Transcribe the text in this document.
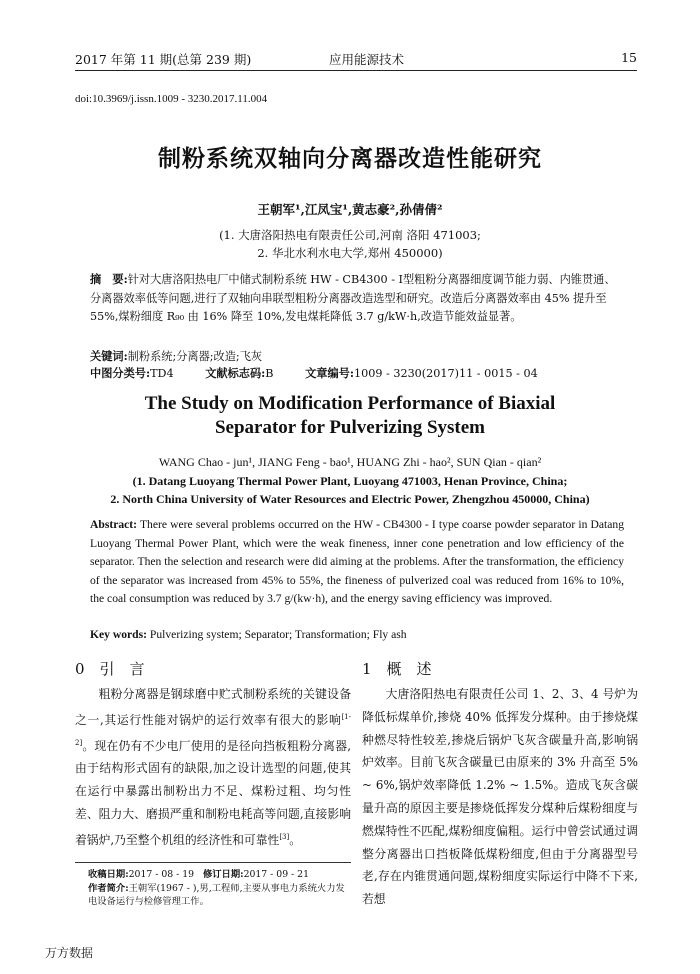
2017 年第 11 期(总第 239 期)	应用能源技术	15
doi:10.3969/j.issn.1009 - 3230.2017.11.004
制粉系统双轴向分离器改造性能研究
王朝军¹,江凤宝¹,黄志豪²,孙倩倩²
(1. 大唐洛阳热电有限责任公司,河南 洛阳 471003;
2. 华北水利水电大学,郑州 450000)
摘　要:针对大唐洛阳热电厂中储式制粉系统 HW - CB4300 - Ⅰ型粗粉分离器细度调节能力弱、内锥贯通、分离器效率低等问题,进行了双轴向串联型粗粉分离器改造选型和研究。改造后分离器效率由 45% 提升至 55%,煤粉细度 R₉₀ 由 16% 降至 10%,发电煤耗降低 3.7 g/kW·h,改造节能效益显著。
关键词:制粉系统;分离器;改造;飞灰
中图分类号:TD4	文献标志码:B	文章编号:1009 - 3230(2017)11 - 0015 - 04
The Study on Modification Performance of Biaxial
Separator for Pulverizing System
WANG Chao - jun¹, JIANG Feng - bao¹, HUANG Zhi - hao², SUN Qian - qian²
(1. Datang Luoyang Thermal Power Plant, Luoyang 471003, Henan Province, China;
2. North China University of Water Resources and Electric Power, Zhengzhou 450000, China)
Abstract: There were several problems occurred on the HW - CB4300 - I type coarse powder separator in Datang Luoyang Thermal Power Plant, which were the weak fineness, inner cone penetration and low efficiency of the separator. Then the selection and research were did aiming at the problems. After the transformation, the efficiency of the separator was increased from 45% to 55%, the fineness of pulverized coal was reduced from 16% to 10%, the coal consumption was reduced by 3.7 g/(kw·h), and the energy saving efficiency was improved.
Key words: Pulverizing system; Separator; Transformation; Fly ash
0　引　言	1　概　述

粗粉分离器是钢球磨中贮式制粉系统的关键设备之一,其运行性能对锅炉的运行效率有很大的影响[1-2]。现在仍有不少电厂使用的是径向挡板粗粉分离器,由于结构形式固有的缺限,加之设计选型的问题,使其在运行中暴露出制粉出力不足、煤粉过粗、均匀性差、阻力大、磨损严重和制粉电耗高等问题,直接影响着锅炉,乃至整个机组的经济性和可靠性[3]。

大唐洛阳热电有限责任公司 1、2、3、4 号炉为降低标煤单价,掺烧 40% 低挥发分煤种。由于掺烧煤种燃尽特性较差,掺烧后锅炉飞灰含碳量升高,影响锅炉效率。目前飞灰含碳量已由原来的 3% 升高至 5% ~ 6%,锅炉效率降低 1.2% ~ 1.5%。造成飞灰含碳量升高的原因主要是掺烧低挥发分煤种后煤粉细度与燃煤特性不匹配,煤粉细度偏粗。运行中曾尝试通过调整分离器出口挡板降低煤粉细度,但由于分离器型号老,存在内锥贯通问题,煤粉细度实际运行中降不下来,若想

收稿日期:2017 - 08 - 19 修订日期:2017 - 09 - 21
作者简介:王朝军(1967 - ),男,工程师,主要从事电力系统火力发电设备运行与检修管理工作。
万方数据
